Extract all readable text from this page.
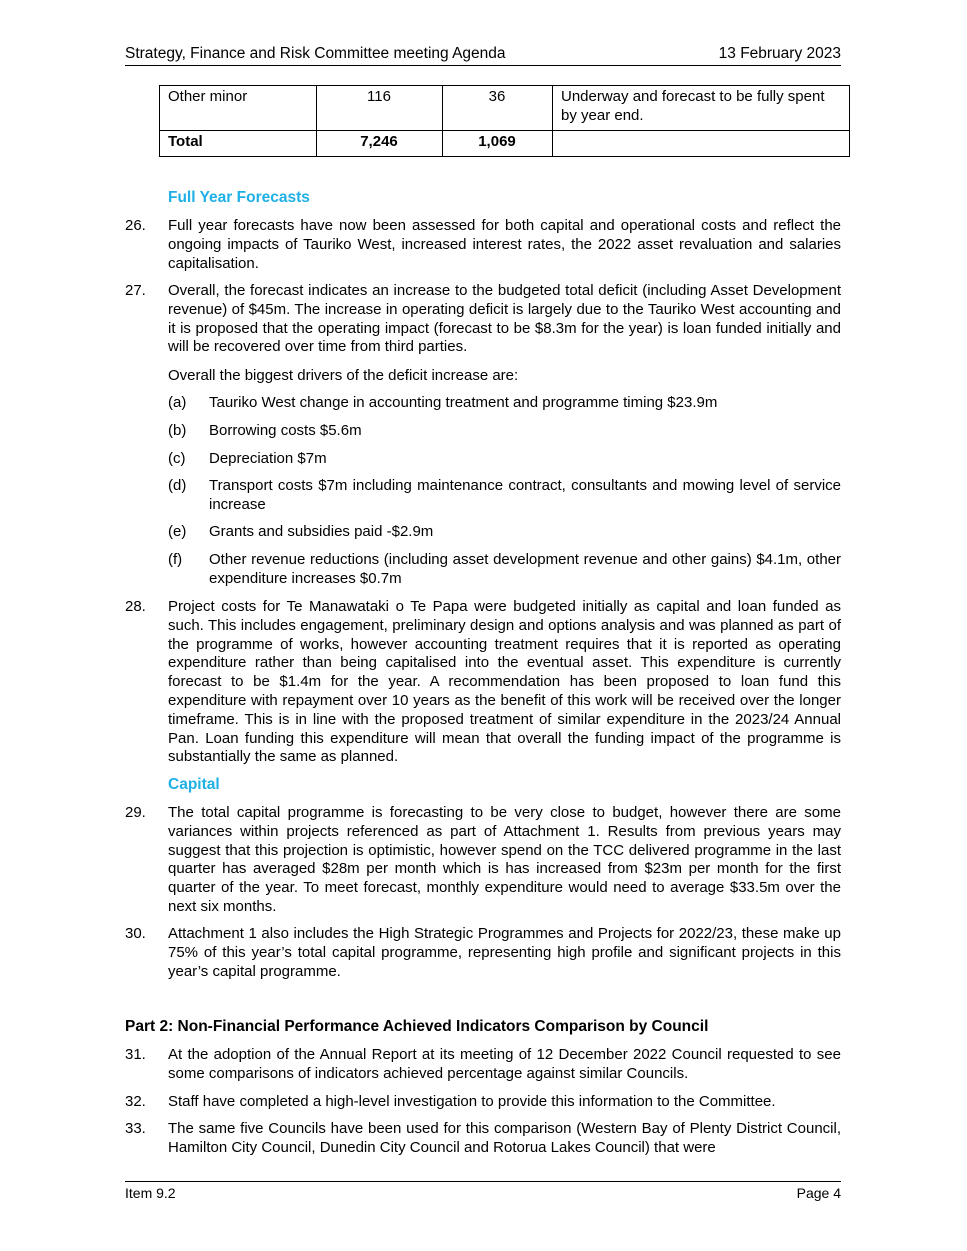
Strategy, Finance and Risk Committee meeting Agenda	13 February 2023
Other minor	116	36	Underway and forecast to be fully spent by year end.
Total	7,246	1,069	
Full Year Forecasts
26. Full year forecasts have now been assessed for both capital and operational costs and reflect the ongoing impacts of Tauriko West, increased interest rates, the 2022 asset revaluation and salaries capitalisation.
27. Overall, the forecast indicates an increase to the budgeted total deficit (including Asset Development revenue) of $45m. The increase in operating deficit is largely due to the Tauriko West accounting and it is proposed that the operating impact (forecast to be $8.3m for the year) is loan funded initially and will be recovered over time from third parties.
Overall the biggest drivers of the deficit increase are:
(a) Tauriko West change in accounting treatment and programme timing $23.9m
(b) Borrowing costs $5.6m
(c) Depreciation $7m
(d) Transport costs $7m including maintenance contract, consultants and mowing level of service increase
(e) Grants and subsidies paid -$2.9m
(f) Other revenue reductions (including asset development revenue and other gains) $4.1m, other expenditure increases $0.7m
28. Project costs for Te Manawataki o Te Papa were budgeted initially as capital and loan funded as such. This includes engagement, preliminary design and options analysis and was planned as part of the programme of works, however accounting treatment requires that it is reported as operating expenditure rather than being capitalised into the eventual asset. This expenditure is currently forecast to be $1.4m for the year. A recommendation has been proposed to loan fund this expenditure with repayment over 10 years as the benefit of this work will be received over the longer timeframe. This is in line with the proposed treatment of similar expenditure in the 2023/24 Annual Pan. Loan funding this expenditure will mean that overall the funding impact of the programme is substantially the same as planned.
Capital
29. The total capital programme is forecasting to be very close to budget, however there are some variances within projects referenced as part of Attachment 1. Results from previous years may suggest that this projection is optimistic, however spend on the TCC delivered programme in the last quarter has averaged $28m per month which is has increased from $23m per month for the first quarter of the year. To meet forecast, monthly expenditure would need to average $33.5m over the next six months.
30. Attachment 1 also includes the High Strategic Programmes and Projects for 2022/23, these make up 75% of this year’s total capital programme, representing high profile and significant projects in this year’s capital programme.
Part 2: Non-Financial Performance Achieved Indicators Comparison by Council
31. At the adoption of the Annual Report at its meeting of 12 December 2022 Council requested to see some comparisons of indicators achieved percentage against similar Councils.
32. Staff have completed a high-level investigation to provide this information to the Committee.
33. The same five Councils have been used for this comparison (Western Bay of Plenty District Council, Hamilton City Council, Dunedin City Council and Rotorua Lakes Council) that were
Item 9.2	Page 4
